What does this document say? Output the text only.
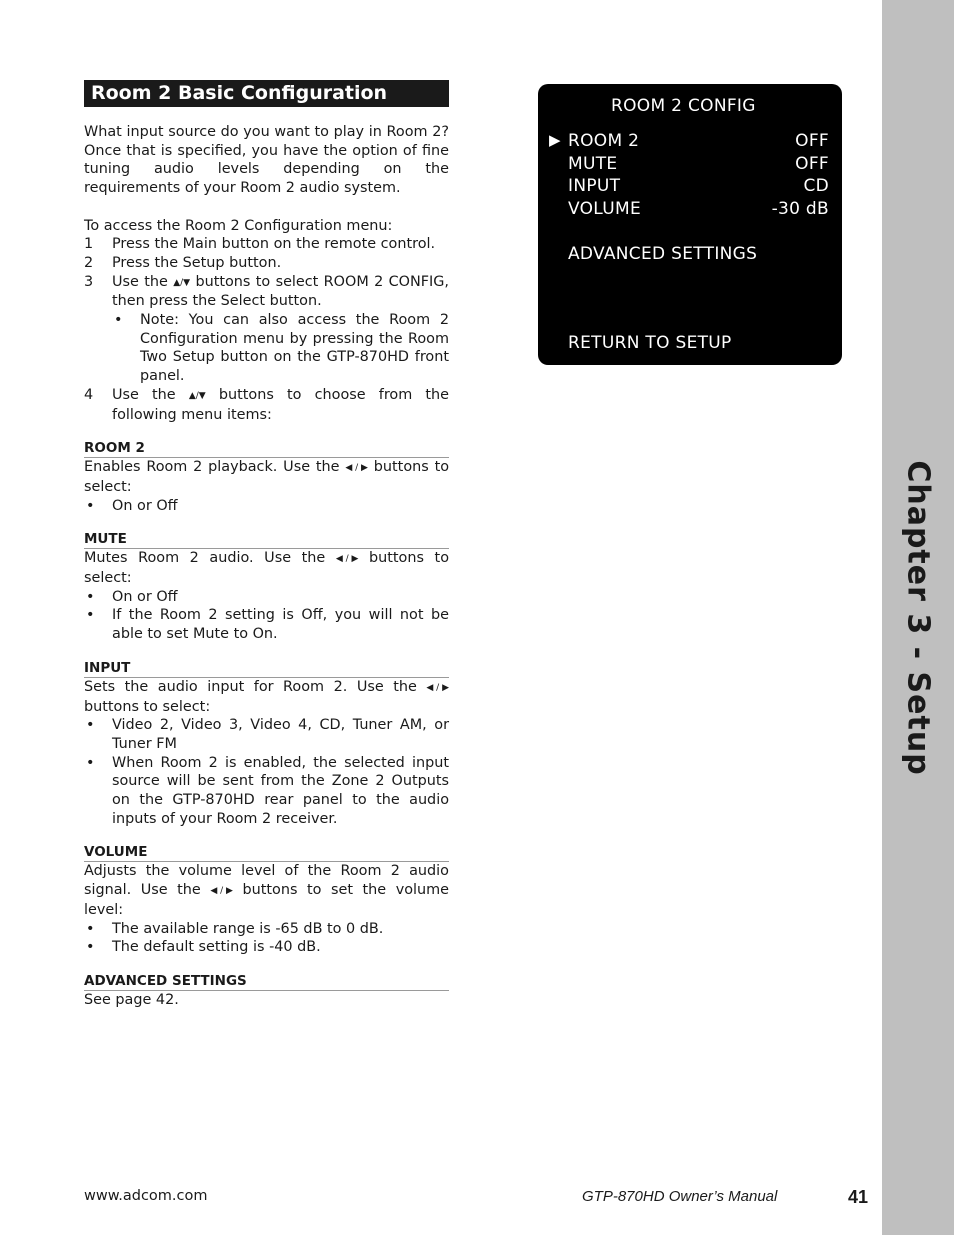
Chapter 3 - Setup
Room 2 Basic Configuration

What input source do you want to play in Room 2? Once that is specified, you have the option of fine tuning audio levels depending on the requirements of your Room 2 audio system.

To access the Room 2 Configuration menu:

1	Press the Main button on the remote control.
2	Press the Setup button.
3	Use the ▲/▼ buttons to select ROOM 2 CONFIG, then press the Select button.
•	Note: You can also access the Room 2 Configuration menu by pressing the Room Two Setup button on the GTP-870HD front panel.
4	Use the ▲/▼ buttons to choose from the following menu items:
ROOM 2

Enables Room 2 playback. Use the ◀ / ▶ buttons to select:

•	On or Off
MUTE

Mutes Room 2 audio. Use the ◀ / ▶ buttons to select:

•	On or Off
•	If the Room 2 setting is Off, you will not be able to set Mute to On.
INPUT

Sets the audio input for Room 2. Use the ◀ / ▶ buttons to select:

•	Video 2, Video 3, Video 4, CD, Tuner AM, or Tuner FM
•	When Room 2 is enabled, the selected input source will be sent from the Zone 2 Outputs on the GTP-870HD rear panel to the audio inputs of your Room 2 receiver.
VOLUME

Adjusts the volume level of the Room 2 audio signal. Use the ◀ / ▶ buttons to set the volume level:

•	The available range is -65 dB to 0 dB.
•	The default setting is -40 dB.
ADVANCED SETTINGS

See page 42.

ROOM 2 CONFIG
▶ ROOM 2	OFF
MUTE	OFF
INPUT	CD
VOLUME	-30 dB
ADVANCED SETTINGS
RETURN TO SETUP
www.adcom.com	GTP-870HD Owner’s Manual	41
